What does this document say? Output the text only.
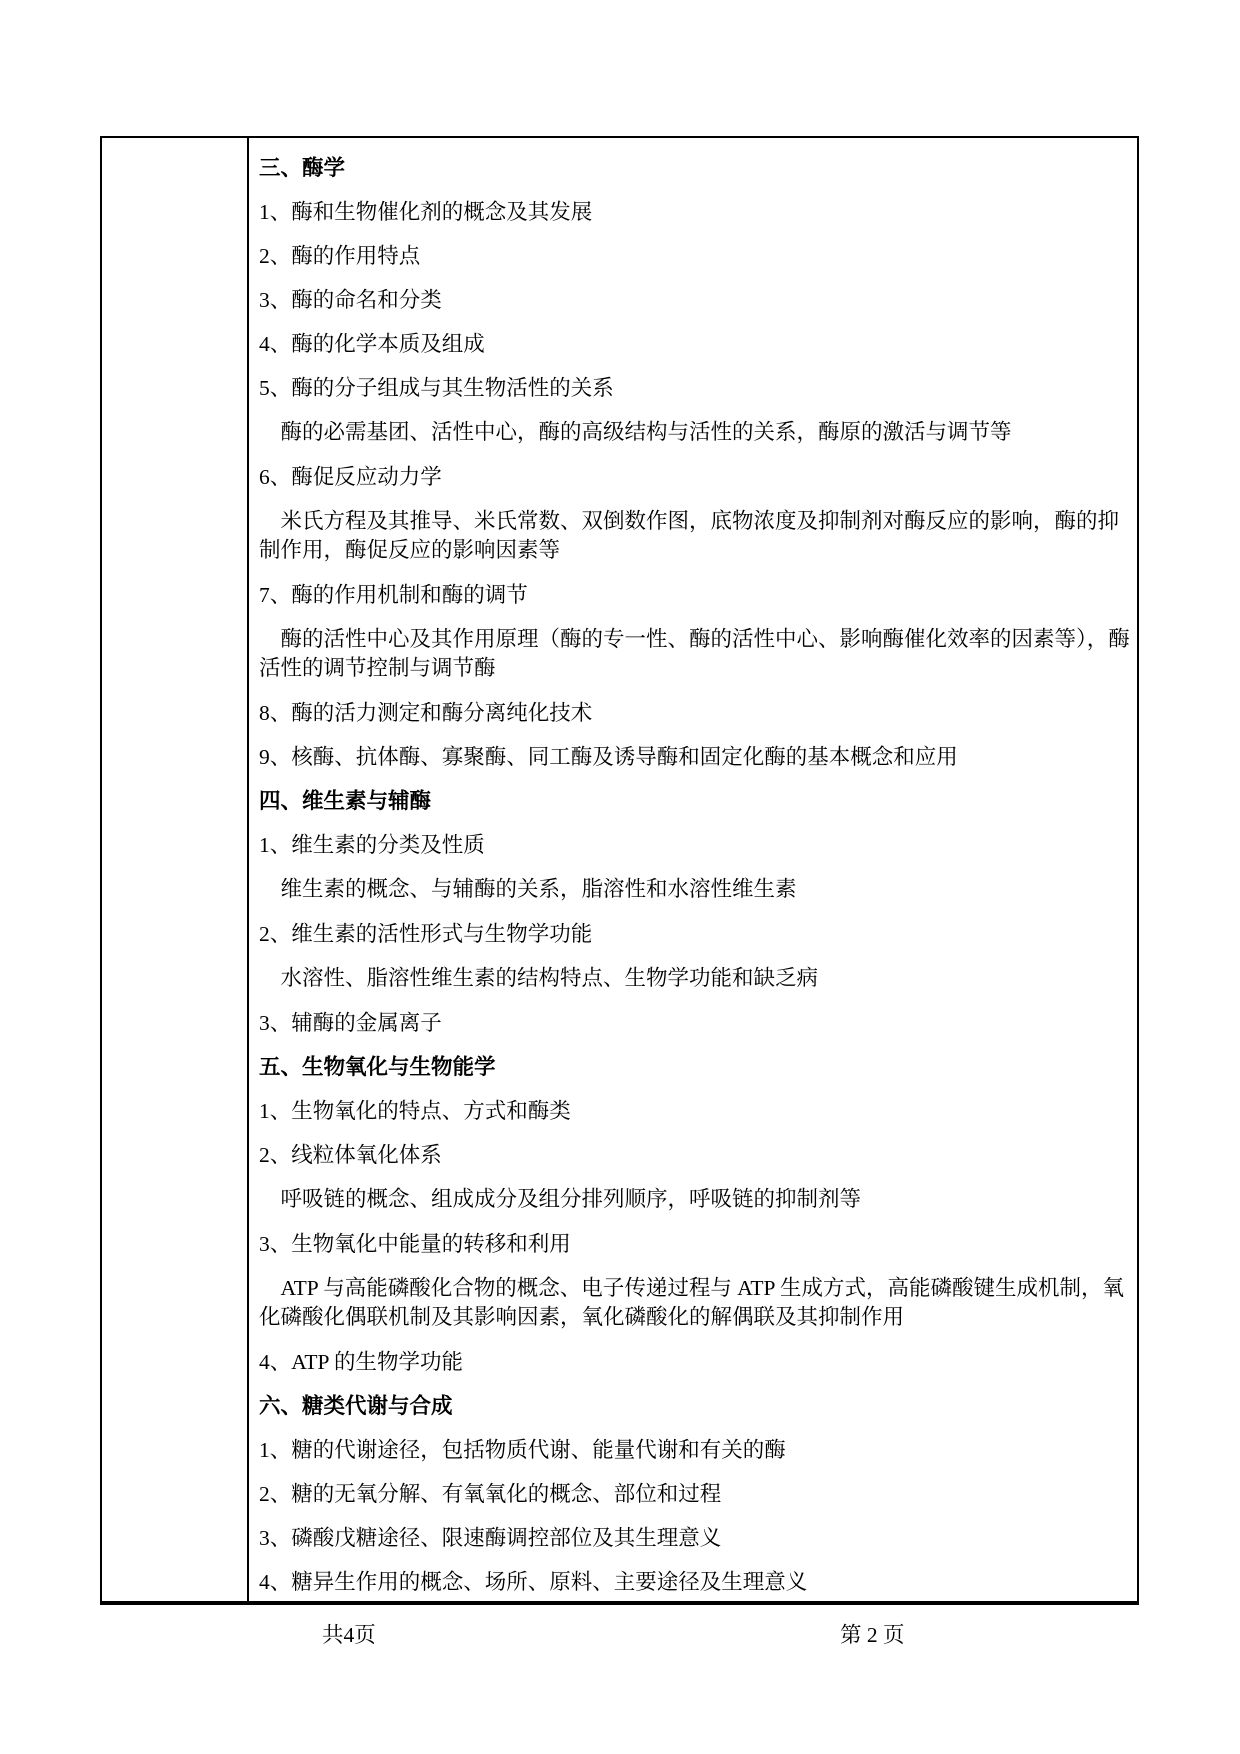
三、酶学

1、酶和生物催化剂的概念及其发展

2、酶的作用特点

3、酶的命名和分类

4、酶的化学本质及组成

5、酶的分子组成与其生物活性的关系

酶的必需基团、活性中心，酶的高级结构与活性的关系，酶原的激活与调节等

6、酶促反应动力学

米氏方程及其推导、米氏常数、双倒数作图，底物浓度及抑制剂对酶反应的影响，酶的抑制作用，酶促反应的影响因素等

7、酶的作用机制和酶的调节

酶的活性中心及其作用原理（酶的专一性、酶的活性中心、影响酶催化效率的因素等），酶活性的调节控制与调节酶

8、酶的活力测定和酶分离纯化技术

9、核酶、抗体酶、寡聚酶、同工酶及诱导酶和固定化酶的基本概念和应用

四、维生素与辅酶

1、维生素的分类及性质

维生素的概念、与辅酶的关系，脂溶性和水溶性维生素

2、维生素的活性形式与生物学功能

水溶性、脂溶性维生素的结构特点、生物学功能和缺乏病

3、辅酶的金属离子

五、生物氧化与生物能学

1、生物氧化的特点、方式和酶类

2、线粒体氧化体系

呼吸链的概念、组成成分及组分排列顺序，呼吸链的抑制剂等

3、生物氧化中能量的转移和利用

ATP 与高能磷酸化合物的概念、电子传递过程与 ATP 生成方式，高能磷酸键生成机制，氧化磷酸化偶联机制及其影响因素，氧化磷酸化的解偶联及其抑制作用

4、ATP 的生物学功能

六、糖类代谢与合成

1、糖的代谢途径，包括物质代谢、能量代谢和有关的酶

2、糖的无氧分解、有氧氧化的概念、部位和过程

3、磷酸戊糖途径、限速酶调控部位及其生理意义

4、糖异生作用的概念、场所、原料、主要途径及生理意义

共4页	第 2 页
